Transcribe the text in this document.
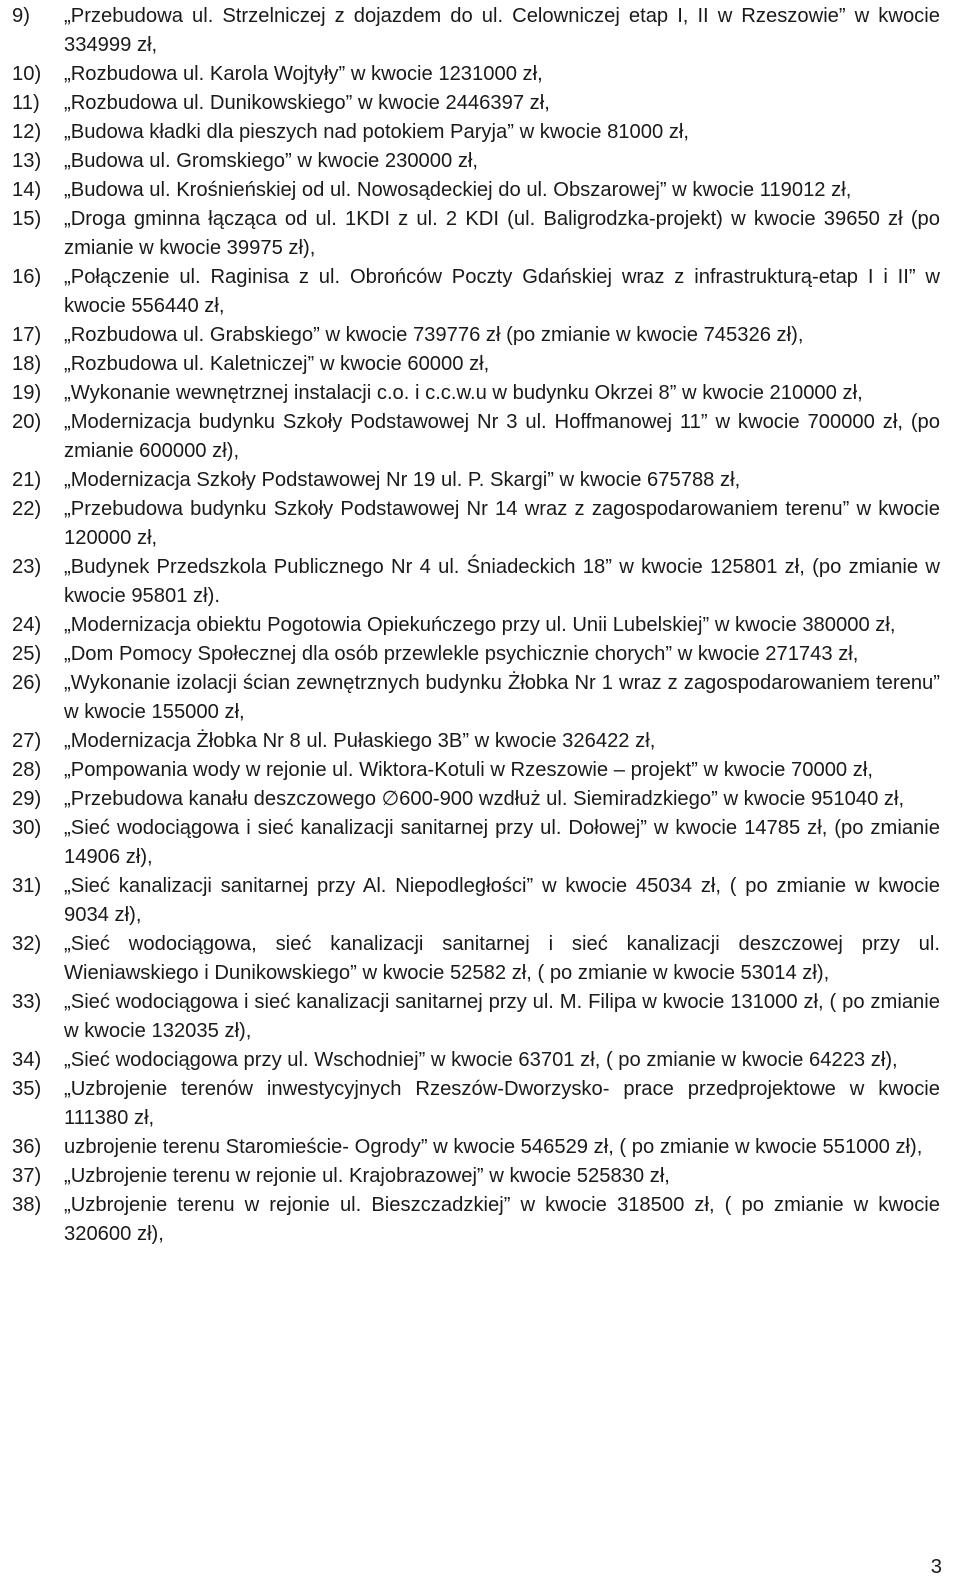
9)	„Przebudowa ul. Strzelniczej z dojazdem do ul. Celowniczej etap I, II w Rzeszowie” w kwocie 334999 zł,
10)	„Rozbudowa ul. Karola Wojtyły” w kwocie 1231000 zł,
11)	„Rozbudowa ul. Dunikowskiego” w kwocie 2446397 zł,
12)	„Budowa kładki dla pieszych nad potokiem Paryja” w kwocie 81000 zł,
13)	„Budowa ul. Gromskiego” w kwocie 230000 zł,
14)	„Budowa ul. Krośnieńskiej od ul. Nowosądeckiej do ul. Obszarowej” w kwocie 119012 zł,
15)	„Droga gminna łącząca od ul. 1KDI z ul. 2 KDI (ul. Baligrodzka-projekt) w kwocie 39650 zł (po zmianie w kwocie 39975 zł),
16)	„Połączenie ul. Raginisa z ul. Obrońców Poczty Gdańskiej wraz z infrastrukturą-etap I i II” w kwocie 556440 zł,
17)	„Rozbudowa ul. Grabskiego” w kwocie 739776 zł (po zmianie w kwocie 745326 zł),
18)	„Rozbudowa ul. Kaletniczej” w kwocie 60000 zł,
19)	„Wykonanie wewnętrznej instalacji c.o. i c.c.w.u w budynku Okrzei 8” w kwocie 210000 zł,
20)	„Modernizacja budynku Szkoły Podstawowej Nr 3 ul. Hoffmanowej 11” w kwocie 700000 zł, (po zmianie 600000 zł),
21)	„Modernizacja Szkoły Podstawowej Nr 19 ul. P. Skargi” w kwocie 675788 zł,
22)	„Przebudowa budynku Szkoły Podstawowej Nr 14 wraz z zagospodarowaniem terenu” w kwocie 120000 zł,
23)	„Budynek Przedszkola Publicznego Nr 4 ul. Śniadeckich 18” w kwocie 125801 zł, (po zmianie w kwocie 95801 zł).
24)	„Modernizacja obiektu Pogotowia Opiekuńczego przy ul. Unii Lubelskiej” w kwocie 380000 zł,
25)	„Dom Pomocy Społecznej dla osób przewlekle psychicznie chorych” w kwocie 271743 zł,
26)	„Wykonanie izolacji ścian zewnętrznych budynku Żłobka Nr 1 wraz z zagospodarowaniem terenu” w kwocie 155000 zł,
27)	„Modernizacja Żłobka Nr 8 ul. Pułaskiego 3B” w kwocie 326422 zł,
28)	„Pompowania wody w rejonie ul. Wiktora-Kotuli w Rzeszowie – projekt” w kwocie 70000 zł,
29)	„Przebudowa kanału deszczowego ∅600-900 wzdłuż ul. Siemiradzkiego” w kwocie 951040 zł,
30)	„Sieć wodociągowa i sieć kanalizacji sanitarnej przy ul. Dołowej” w kwocie 14785 zł, (po zmianie 14906 zł),
31)	„Sieć kanalizacji sanitarnej przy Al. Niepodległości” w kwocie 45034 zł, ( po zmianie w kwocie 9034 zł),
32)	„Sieć wodociągowa, sieć kanalizacji sanitarnej i sieć kanalizacji deszczowej przy ul. Wieniawskiego i Dunikowskiego” w kwocie 52582 zł, ( po zmianie w kwocie 53014 zł),
33)	„Sieć wodociągowa i sieć kanalizacji sanitarnej przy ul. M. Filipa w kwocie 131000 zł, ( po zmianie w kwocie 132035 zł),
34)	„Sieć wodociągowa przy ul. Wschodniej” w kwocie 63701 zł, ( po zmianie w kwocie 64223 zł),
35)	„Uzbrojenie terenów inwestycyjnych Rzeszów-Dworzysko- prace przedprojektowe w kwocie 111380 zł,
36)	uzbrojenie terenu Staromieście- Ogrody” w kwocie 546529 zł, ( po zmianie w kwocie 551000 zł),
37)	„Uzbrojenie terenu w rejonie ul. Krajobrazowej” w kwocie 525830 zł,
38)	„Uzbrojenie terenu w rejonie ul. Bieszczadzkiej” w kwocie 318500 zł, ( po zmianie w kwocie 320600 zł),
3
